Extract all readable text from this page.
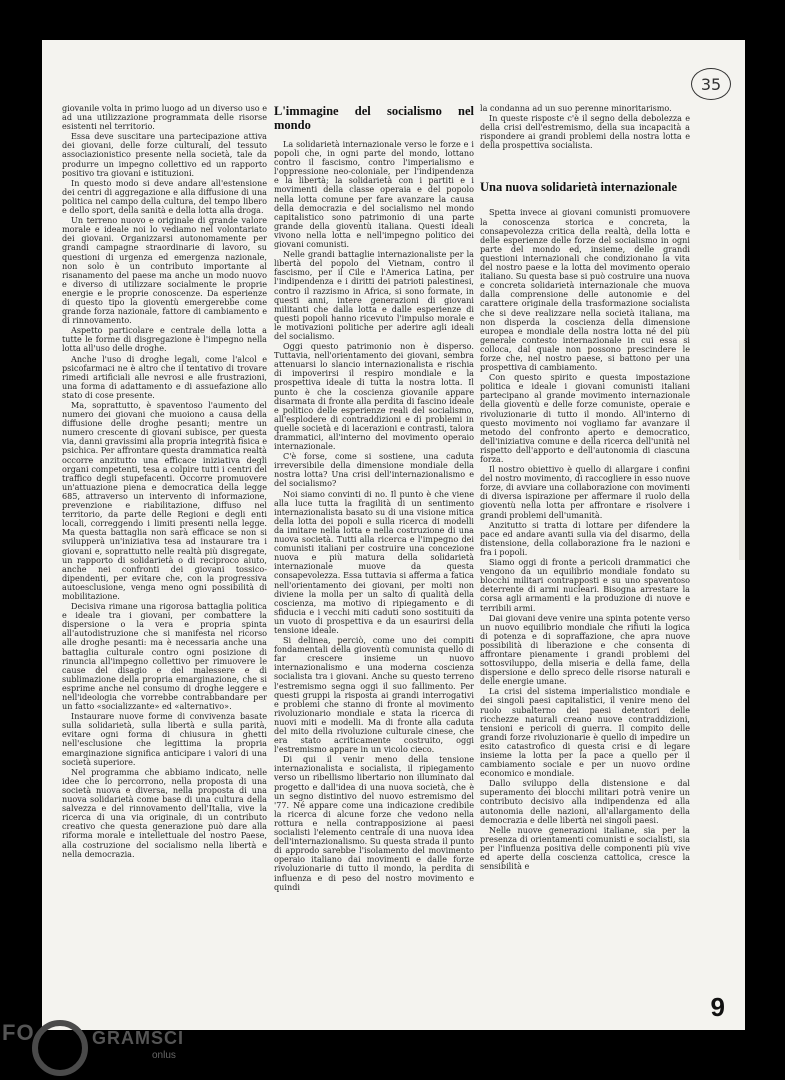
35

giovanile volta in primo luogo ad un diverso uso e ad una utilizzazione programmata delle risorse esistenti nel territorio.

Essa deve suscitare una partecipazione attiva dei giovani, delle forze culturali, del tessuto associazionistico presente nella società, tale da produrre un impegno collettivo ed un rapporto positivo tra giovani e istituzioni.

In questo modo si deve andare all'estensione dei centri di aggregazione e alla diffusione di una politica nel campo della cultura, del tempo libero e dello sport, della sanità e della lotta alla droga.

Un terreno nuovo e originale di grande valore morale e ideale noi lo vediamo nel volontariato dei giovani. Organizzarsi autonomamente per grandi campagne straordinarie di lavoro, su questioni di urgenza ed emergenza nazionale, non solo è un contributo importante al risanamento del paese ma anche un modo nuovo e diverso di utilizzare socialmente le proprie energie e le proprie conoscenze. Da esperienze di questo tipo la gioventù emergerebbe come grande forza nazionale, fattore di cambiamento e di rinnovamento.

Aspetto particolare e centrale della lotta a tutte le forme di disgregazione è l'impegno nella lotta all'uso delle droghe.

Anche l'uso di droghe legali, come l'alcol e psicofarmaci ne è altro che il tentativo di trovare rimedi artificiali alle nevrosi e alle frustrazioni, una forma di adattamento e di assuefazione allo stato di cose presente.

Ma, soprattutto, è spaventoso l'aumento del numero dei giovani che muoiono a causa della diffusione delle droghe pesanti; mentre un numero crescente di giovani subisce, per questa via, danni gravissimi alla propria integrità fisica e psichica. Per affrontare questa drammatica realtà occorre anzitutto una efficace iniziativa degli organi competenti, tesa a colpire tutti i centri del traffico degli stupefacenti. Occorre promuovere un'attuazione piena e democratica della legge 685, attraverso un intervento di informazione, prevenzione e riabilitazione, diffuso nel territorio, da parte delle Regioni e degli enti locali, correggendo i limiti presenti nella legge. Ma questa battaglia non sarà efficace se non si svilupperà un'iniziativa tesa ad instaurare tra i giovani e, soprattutto nelle realtà più disgregate, un rapporto di solidarietà o di reciproco aiuto, anche nei confronti dei giovani tossico-dipendenti, per evitare che, con la progressiva autoesclusione, venga meno ogni possibilità di mobilitazione.

Decisiva rimane una rigorosa battaglia politica e ideale tra i giovani, per combattere la dispersione o la vera e propria spinta all'autodistruzione che si manifesta nel ricorso alle droghe pesanti: ma è necessaria anche una battaglia culturale contro ogni posizione di rinuncia all'impegno collettivo per rimuovere le cause del disagio e del malessere e di sublimazione della propria emarginazione, che si esprime anche nel consumo di droghe leggere e nell'ideologia che vorrebbe contrabbandare per un fatto «socializzante» ed «alternativo».

Instaurare nuove forme di convivenza basate sulla solidarietà, sulla libertà e sulla parità, evitare ogni forma di chiusura in ghetti nell'esclusione che legittima la propria emarginazione significa anticipare i valori di una società superiore.

Nel programma che abbiamo indicato, nelle idee che lo percorrono, nella proposta di una società nuova e diversa, nella proposta di una nuova solidarietà come base di una cultura della salvezza e del rinnovamento dell'Italia, vive la ricerca di una via originale, di un contributo creativo che questa generazione può dare alla riforma morale e intellettuale del nostro Paese, alla costruzione del socialismo nella libertà e nella democrazia.

L'immagine del socialismo nel mondo

La solidarietà internazionale verso le forze e i popoli che, in ogni parte del mondo, lottano contro il fascismo, contro l'imperialismo e l'oppressione neo-coloniale, per l'indipendenza e la libertà; la solidarietà con i partiti e i movimenti della classe operaia e del popolo nella lotta comune per fare avanzare la causa della democrazia e del socialismo nel mondo capitalistico sono patrimonio di una parte grande della gioventù italiana. Questi ideali vivono nella lotta e nell'impegno politico dei giovani comunisti.

Nelle grandi battaglie internazionaliste per la libertà del popolo del Vietnam, contro il fascismo, per il Cile e l'America Latina, per l'indipendenza e i diritti dei patrioti palestinesi, contro il razzismo in Africa, si sono formate, in questi anni, intere generazioni di giovani militanti che dalla lotta e dalle esperienze di questi popoli hanno ricevuto l'impulso morale e le motivazioni politiche per aderire agli ideali del socialismo.

Oggi questo patrimonio non è disperso. Tuttavia, nell'orientamento dei giovani, sembra attenuarsi lo slancio internazionalista e rischia di impoverirsi il respiro mondiale e la prospettiva ideale di tutta la nostra lotta. Il punto è che la coscienza giovanile appare disarmata di fronte alla perdita di fascino ideale e politico delle esperienze reali del socialismo, all'esplodere di contraddizioni e di problemi in quelle società e di lacerazioni e contrasti, talora drammatici, all'interno del movimento operaio internazionale.

C'è forse, come si sostiene, una caduta irreversibile della dimensione mondiale della nostra lotta? Una crisi dell'internazionalismo e del socialismo?

Noi siamo convinti di no. Il punto è che viene alla luce tutta la fragilità di un sentimento internazionalista basato su di una visione mitica della lotta dei popoli e sulla ricerca di modelli da imitare nella lotta e nella costruzione di una nuova società. Tutti alla ricerca e l'impegno dei comunisti italiani per costruire una concezione nuova e più matura della solidarietà internazionale muove da questa consapevolezza. Essa tuttavia si afferma a fatica nell'orientamento dei giovani, per molti non diviene la molla per un salto di qualità della coscienza, ma motivo di ripiegamento e di sfiducia e i vecchi miti caduti sono sostituiti da un vuoto di prospettiva e da un esaurirsi della tensione ideale.

Si delinea, perciò, come uno dei compiti fondamentali della gioventù comunista quello di far crescere insieme un nuovo internazionalismo e una moderna coscienza socialista tra i giovani. Anche su questo terreno l'estremismo segna oggi il suo fallimento. Per questi gruppi la risposta ai grandi interrogativi e problemi che stanno di fronte al movimento rivoluzionario mondiale e stata la ricerca di nuovi miti e modelli. Ma di fronte alla caduta del mito della rivoluzione culturale cinese, che era stato acriticamente costruito, oggi l'estremismo appare in un vicolo cieco.

Di qui il venir meno della tensione internazionalista e socialista, il ripiegamento verso un ribellismo libertario non illuminato dal progetto e dall'idea di una nuova società, che è un segno distintivo del nuovo estremismo del '77. Né appare come una indicazione credibile la ricerca di alcune forze che vedono nella rottura e nella contrapposizione ai paesi socialisti l'elemento centrale di una nuova idea dell'internazionalismo. Su questa strada il punto di approdo sarebbe l'isolamento del movimento operaio italiano dai movimenti e dalle forze rivoluzionarie di tutto il mondo, la perdita di influenza e di peso del nostro movimento e quindi

la condanna ad un suo perenne minoritarismo.

In queste risposte c'è il segno della debolezza e della crisi dell'estremismo, della sua incapacità a rispondere ai grandi problemi della nostra lotta e della prospettiva socialista.

Una nuova solidarietà internazionale

Spetta invece ai giovani comunisti promuovere la conoscenza storica e concreta, la consapevolezza critica della realtà, della lotta e delle esperienze delle forze del socialismo in ogni parte del mondo ed, insieme, delle grandi questioni internazionali che condizionano la vita del nostro paese e la lotta del movimento operaio italiano. Su questa base si può costruire una nuova e concreta solidarietà internazionale che muova dalla comprensione delle autonomie e del carattere originale della trasformazione socialista che si deve realizzare nella società italiana, ma non disperda la coscienza della dimensione europea e mondiale della nostra lotta né del più generale contesto internazionale in cui essa si colloca, dal quale non possono prescindere le forze che, nel nostro paese, si battono per una prospettiva di cambiamento.

Con questo spirito e questa impostazione politica e ideale i giovani comunisti italiani partecipano al grande movimento internazionale della gioventù e delle forze comuniste, operaie e rivoluzionarie di tutto il mondo. All'interno di questo movimento noi vogliamo far avanzare il metodo del confronto aperto e democratico, dell'iniziativa comune e della ricerca dell'unità nel rispetto dell'apporto e dell'autonomia di ciascuna forza.

Il nostro obiettivo è quello di allargare i confini del nostro movimento, di raccogliere in esso nuove forze, di avviare una collaborazione con movimenti di diversa ispirazione per affermare il ruolo della gioventù nella lotta per affrontare e risolvere i grandi problemi dell'umanità.

Anzitutto si tratta di lottare per difendere la pace ed andare avanti sulla via del disarmo, della distensione, della collaborazione fra le nazioni e fra i popoli.

Siamo oggi di fronte a pericoli drammatici che vengono da un equilibrio mondiale fondato su blocchi militari contrapposti e su uno spaventoso deterrente di armi nucleari. Bisogna arrestare la corsa agli armamenti e la produzione di nuove e terribili armi.

Dai giovani deve venire una spinta potente verso un nuovo equilibrio mondiale che rifiuti la logica di potenza e di sopraffazione, che apra nuove possibilità di liberazione e che consenta di affrontare pienamente i grandi problemi del sottosviluppo, della miseria e della fame, della dispersione e dello spreco delle risorse naturali e delle energie umane.

La crisi del sistema imperialistico mondiale e dei singoli paesi capitalistici, il venire meno del ruolo subalterno dei paesi detentori delle ricchezze naturali creano nuove contraddizioni, tensioni e pericoli di guerra. Il compito delle grandi forze rivoluzionarie è quello di impedire un esito catastrofico di questa crisi e di legare insieme la lotta per la pace a quello per il cambiamento sociale e per un nuovo ordine economico e mondiale.

Dallo sviluppo della distensione e dal superamento dei blocchi militari potrà venire un contributo decisivo alla indipendenza ed alla autonomia delle nazioni, all'allargamento della democrazia e delle libertà nei singoli paesi.

Nelle nuove generazioni italiane, sia per la presenza di orientamenti comunisti e socialisti, sia per l'influenza positiva delle componenti più vive ed aperte della coscienza cattolica, cresce la sensibilità e

9
FO	GRAMSCI
onlus
